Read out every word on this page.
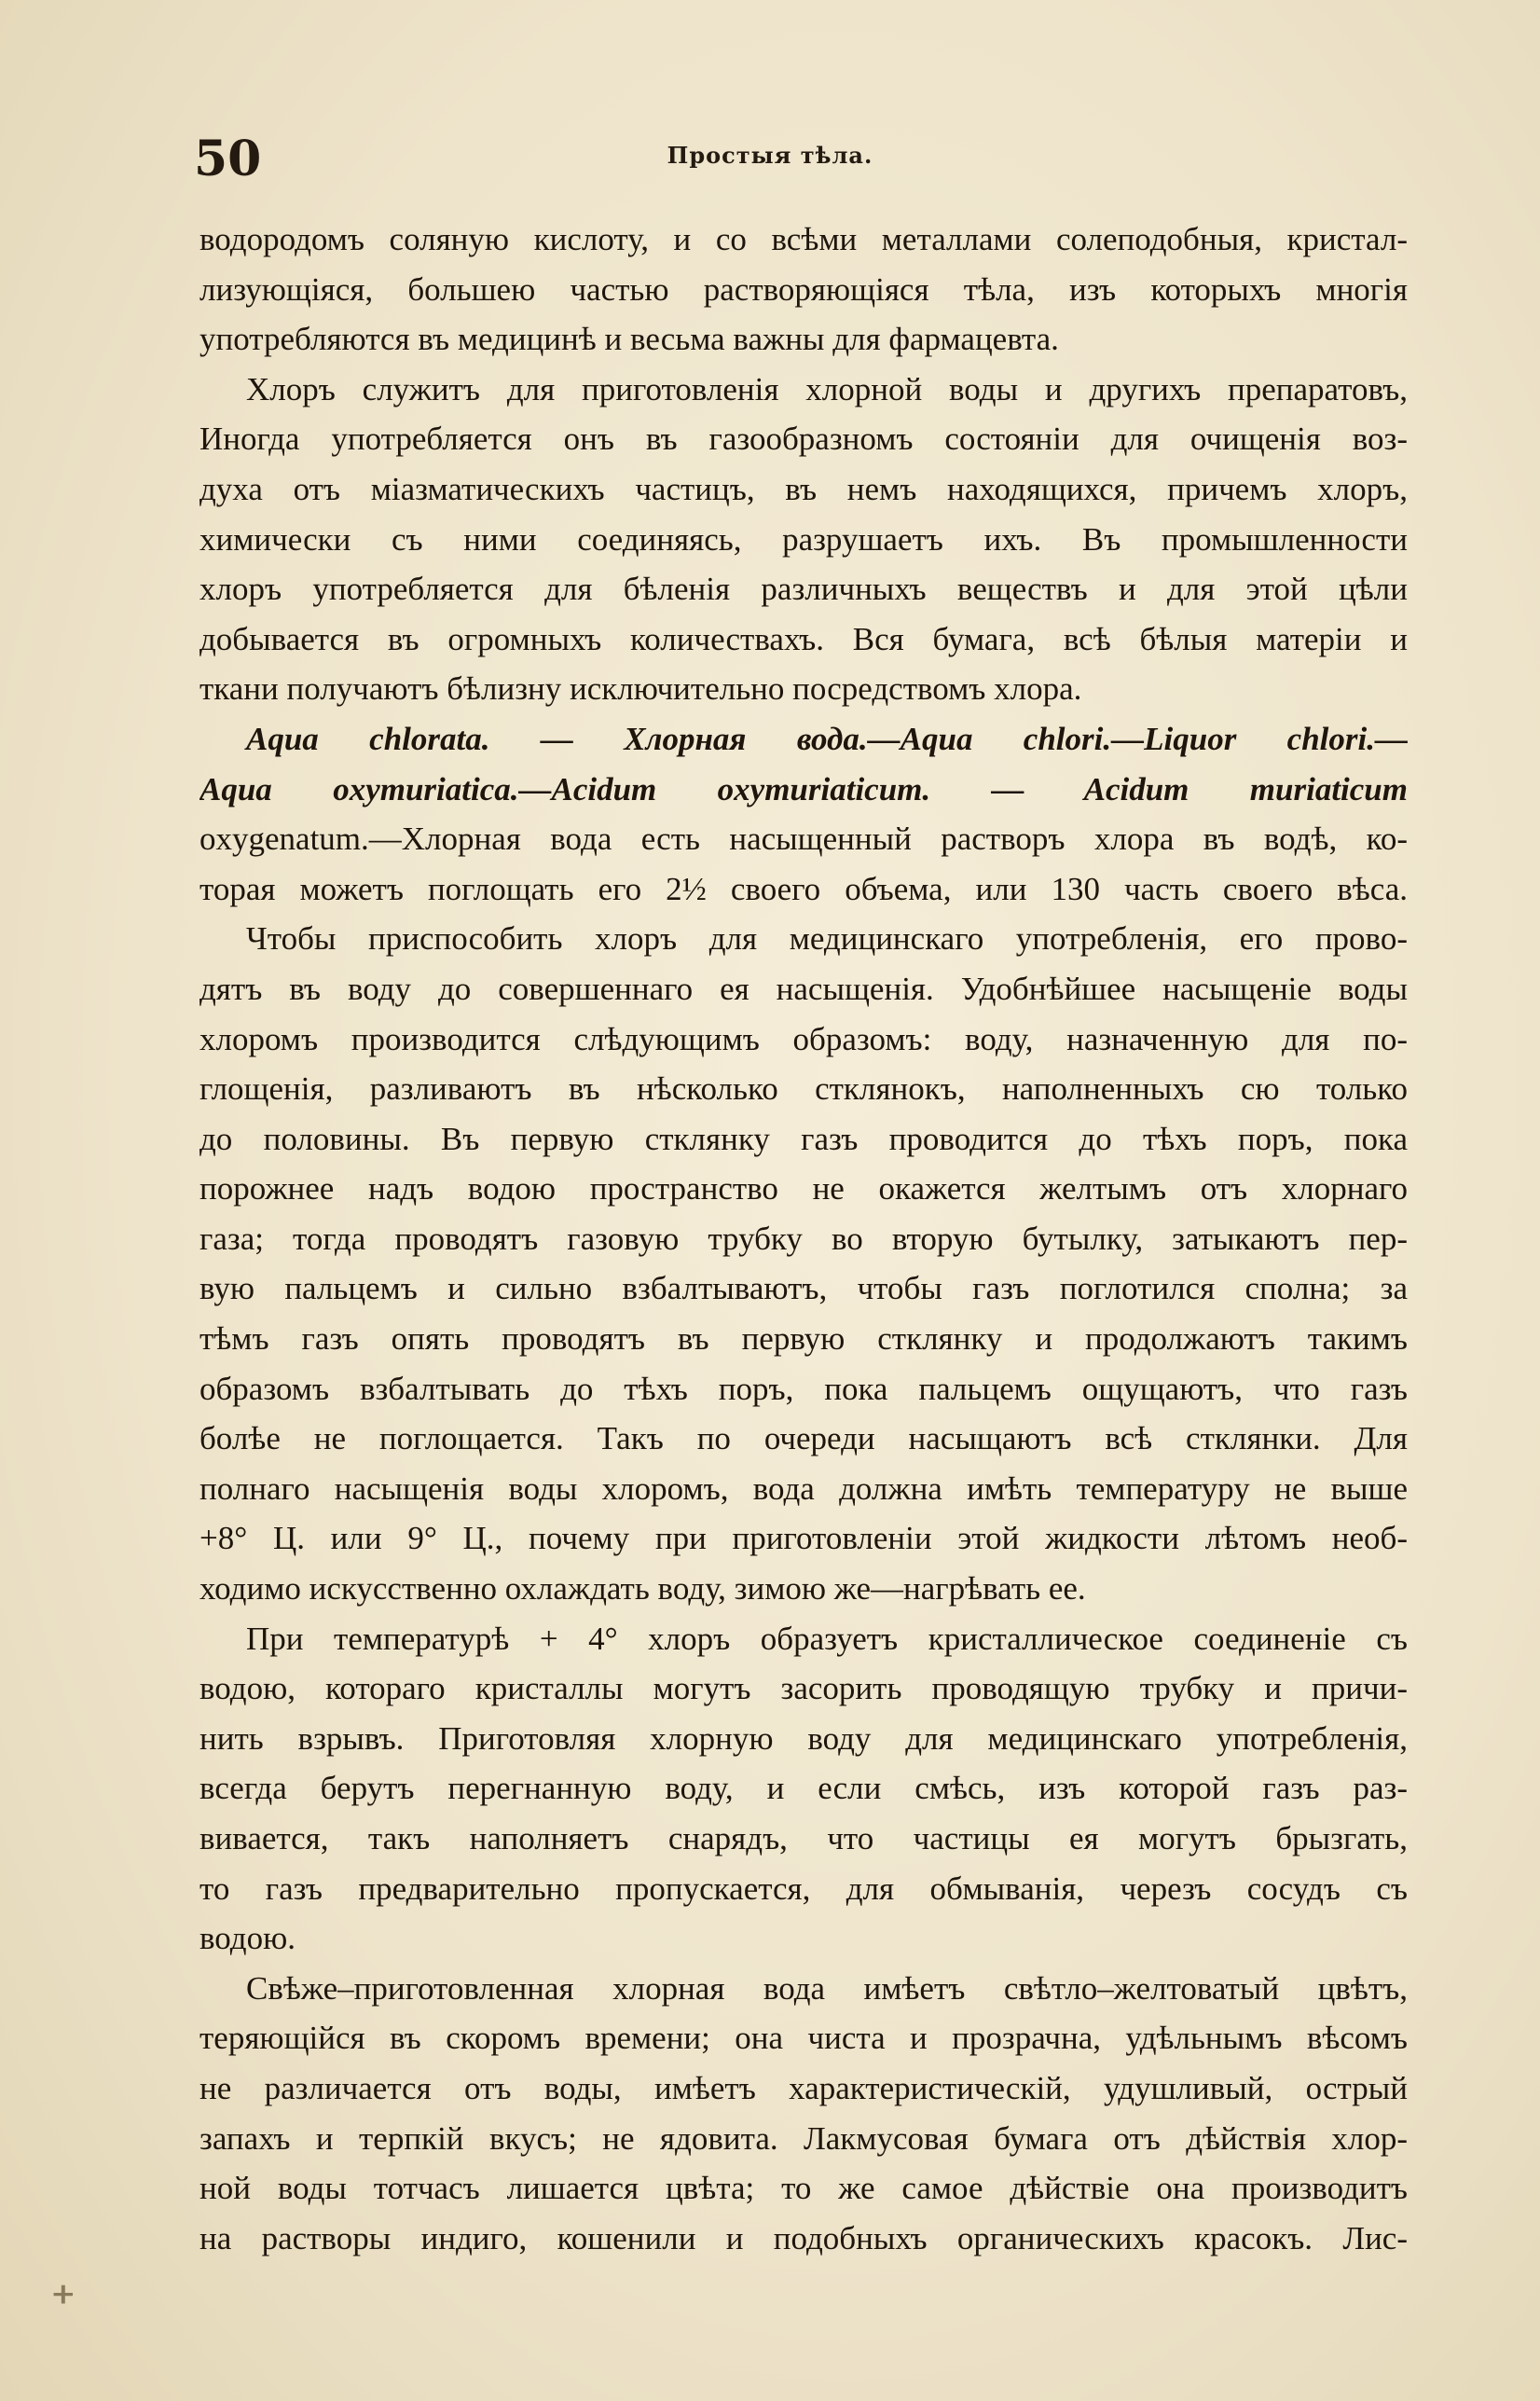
50	Простыя тѣла.
водородомъ соляную кислоту, и со всѣми металлами солеподобныя, кристал-
лизующіяся, большею частью растворяющіяся тѣла, изъ которыхъ многія
употребляются въ медицинѣ и весьма важны для фармацевта.
Хлоръ служитъ для приготовленія хлорной воды и другихъ препаратовъ,
Иногда употребляется онъ въ газообразномъ состояніи для очищенія воз-
духа отъ міазматическихъ частицъ, въ немъ находящихся, причемъ хлоръ,
химически съ ними соединяясь, разрушаетъ ихъ. Въ промышленности
хлоръ употребляется для бѣленія различныхъ веществъ и для этой цѣли
добывается въ огромныхъ количествахъ. Вся бумага, всѣ бѣлыя матеріи и
ткани получаютъ бѣлизну исключительно посредствомъ хлора.
Aqua chlorata. — Хлорная вода.—Aqua chlori.—Liquor chlori.—
Aqua oxymuriatica.—Acidum oxymuriaticum. — Acidum muriaticum
oxygenatum.—Хлорная вода есть насыщенный растворъ хлора въ водѣ, ко-
торая можетъ поглощать его 2½ своего объема, или 130 часть своего вѣса.
Чтобы приспособить хлоръ для медицинскаго употребленія, его прово-
дятъ въ воду до совершеннаго ея насыщенія. Удобнѣйшее насыщеніе воды
хлоромъ производится слѣдующимъ образомъ: воду, назначенную для по-
глощенія, разливаютъ въ нѣсколько стклянокъ, наполненныхъ сю только
до половины. Въ первую стклянку газъ проводится до тѣхъ поръ, пока
порожнее надъ водою пространство не окажется желтымъ отъ хлорнаго
газа; тогда проводятъ газовую трубку во вторую бутылку, затыкаютъ пер-
вую пальцемъ и сильно взбалтываютъ, чтобы газъ поглотился сполна; за
тѣмъ газъ опять проводятъ въ первую стклянку и продолжаютъ такимъ
образомъ взбалтывать до тѣхъ поръ, пока пальцемъ ощущаютъ, что газъ
болѣе не поглощается. Такъ по очереди насыщаютъ всѣ стклянки. Для
полнаго насыщенія воды хлоромъ, вода должна имѣть температуру не выше
+8° Ц. или 9° Ц., почему при приготовленіи этой жидкости лѣтомъ необ-
ходимо искусственно охлаждать воду, зимою же—нагрѣвать ее.
При температурѣ + 4° хлоръ образуетъ кристаллическое соединеніе съ
водою, котораго кристаллы могутъ засорить проводящую трубку и причи-
нить взрывъ. Приготовляя хлорную воду для медицинскаго употребленія,
всегда берутъ перегнанную воду, и если смѣсь, изъ которой газъ раз-
вивается, такъ наполняетъ снарядъ, что частицы ея могутъ брызгать,
то газъ предварительно пропускается, для обмыванія, черезъ сосудъ съ
водою.
Свѣже–приготовленная хлорная вода имѣетъ свѣтло–желтоватый цвѣтъ,
теряющійся въ скоромъ времени; она чиста и прозрачна, удѣльнымъ вѣсомъ
не различается отъ воды, имѣетъ характеристическій, удушливый, острый
запахъ и терпкій вкусъ; не ядовита. Лакмусовая бумага отъ дѣйствія хлор-
ной воды тотчасъ лишается цвѣта; то же самое дѣйствіе она производитъ
на растворы индиго, кошенили и подобныхъ органическихъ красокъ. Лис-
ᚐ
